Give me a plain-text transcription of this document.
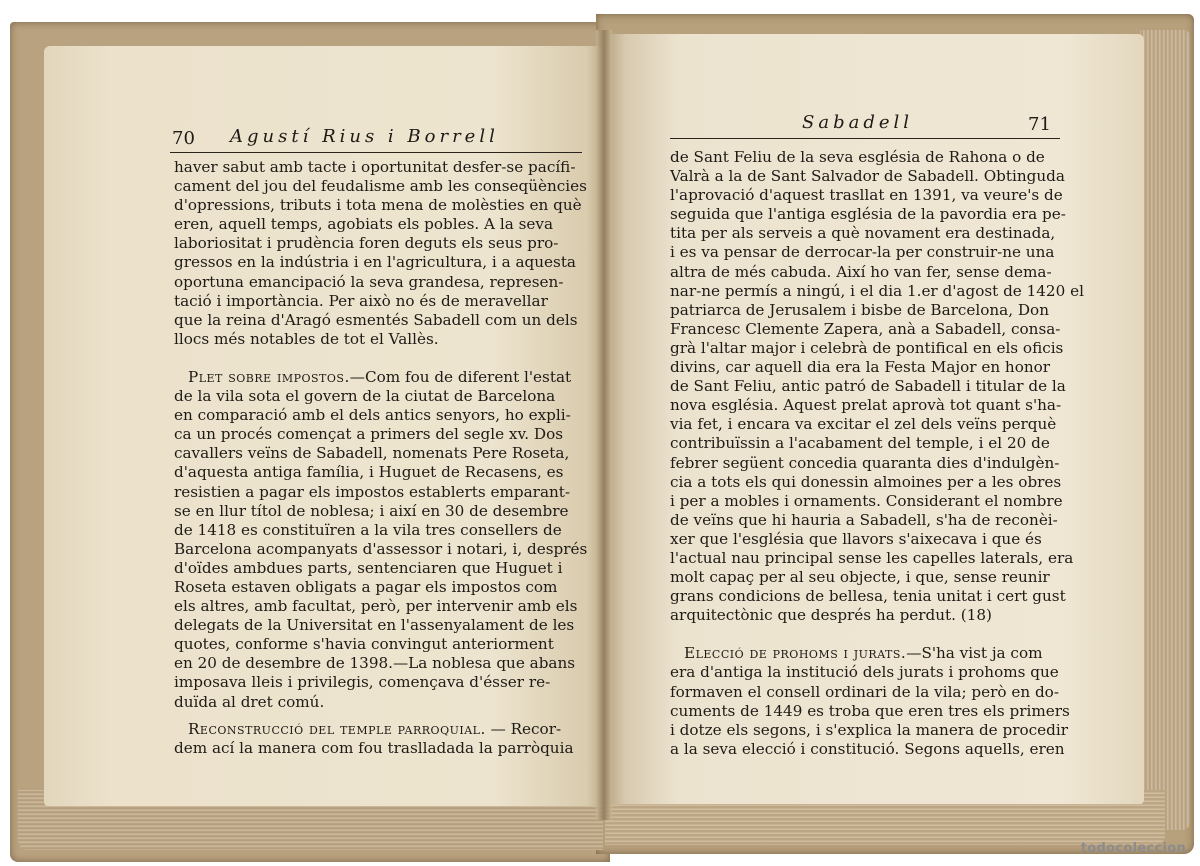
70 Agustí Rius i Borrell
haver sabut amb tacte i oportunitat desfer-se pacífi-
cament del jou del feudalisme amb les conseqüències
d'opressions, tributs i tota mena de molèsties en què
eren, aquell temps, agobiats els pobles. A la seva
laboriositat i prudència foren deguts els seus pro-
gressos en la indústria i en l'agricultura, i a aquesta
oportuna emancipació la seva grandesa, represen-
tació i importància. Per això no és de meravellar
que la reina d'Aragó esmentés Sabadell com un dels
llocs més notables de tot el Vallès.
Plet sobre impostos.—Com fou de diferent l'estat
de la vila sota el govern de la ciutat de Barcelona
en comparació amb el dels antics senyors, ho expli-
ca un procés començat a primers del segle xv. Dos
cavallers veïns de Sabadell, nomenats Pere Roseta,
d'aquesta antiga família, i Huguet de Recasens, es
resistien a pagar els impostos establerts emparant-
se en llur títol de noblesa; i així en 30 de desembre
de 1418 es constituïren a la vila tres consellers de
Barcelona acompanyats d'assessor i notari, i, després
d'oïdes ambdues parts, sentenciaren que Huguet i
Roseta estaven obligats a pagar els impostos com
els altres, amb facultat, però, per intervenir amb els
delegats de la Universitat en l'assenyalament de les
quotes, conforme s'havia convingut anteriorment
en 20 de desembre de 1398.—La noblesa que abans
imposava lleis i privilegis, començava d'ésser re-
duïda al dret comú.
Reconstrucció del temple parroquial. — Recor-
dem ací la manera com fou traslladada la parròquia
Sabadell	71
de Sant Feliu de la seva església de Rahona o de
Valrà a la de Sant Salvador de Sabadell. Obtinguda
l'aprovació d'aquest trasllat en 1391, va veure's de
seguida que l'antiga església de la pavordia era pe-
tita per als serveis a què novament era destinada,
i es va pensar de derrocar-la per construir-ne una
altra de més cabuda. Així ho van fer, sense dema-
nar-ne permís a ningú, i el dia 1.er d'agost de 1420 el
patriarca de Jerusalem i bisbe de Barcelona, Don
Francesc Clemente Zapera, anà a Sabadell, consa-
grà l'altar major i celebrà de pontifical en els oficis
divins, car aquell dia era la Festa Major en honor
de Sant Feliu, antic patró de Sabadell i titular de la
nova església. Aquest prelat aprovà tot quant s'ha-
via fet, i encara va excitar el zel dels veïns perquè
contribuïssin a l'acabament del temple, i el 20 de
febrer següent concedia quaranta dies d'indulgèn-
cia a tots els qui donessin almoines per a les obres
i per a mobles i ornaments. Considerant el nombre
de veïns que hi hauria a Sabadell, s'ha de reconèi-
xer que l'església que llavors s'aixecava i que és
l'actual nau principal sense les capelles laterals, era
molt capaç per al seu objecte, i que, sense reunir
grans condicions de bellesa, tenia unitat i cert gust
arquitectònic que després ha perdut. (18)
Elecció de prohoms i jurats.—S'ha vist ja com
era d'antiga la institució dels jurats i prohoms que
formaven el consell ordinari de la vila; però en do-
cuments de 1449 es troba que eren tres els primers
i dotze els segons, i s'explica la manera de procedir
a la seva elecció i constitució. Segons aquells, eren
todocoleccion
